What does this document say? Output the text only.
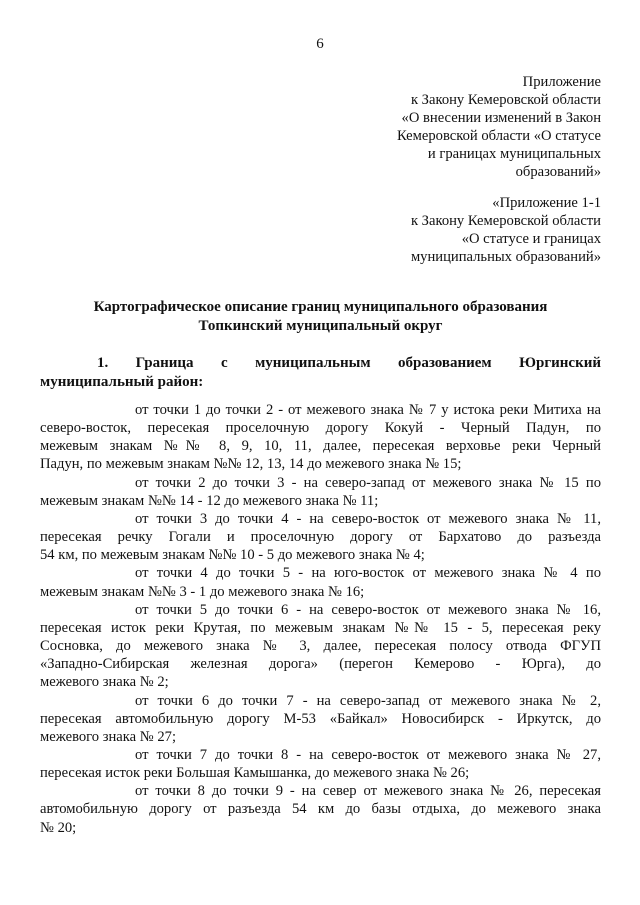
6
Приложение
к Закону Кемеровской области
«О внесении изменений в Закон
Кемеровской области «О статусе
и границах муниципальных
образований»
«Приложение 1-1
к Закону Кемеровской области
«О статусе и границах
муниципальных образований»
Картографическое описание границ муниципального образования
Топкинский муниципальный округ
1. Граница с муниципальным образованием Юргинский
муниципальный район:
от точки 1 до точки 2 - от межевого знака № 7 у истока реки Митиха на
северо-восток, пересекая проселочную дорогу Кокуй - Черный Падун, по
межевым знакам №№ 8, 9, 10, 11, далее, пересекая верховье реки Черный
Падун, по межевым знакам №№ 12, 13, 14 до межевого знака № 15;
от точки 2 до точки 3 - на северо-запад от межевого знака № 15 по
межевым знакам №№ 14 - 12 до межевого знака № 11;
от точки 3 до точки 4 - на северо-восток от межевого знака № 11,
пересекая речку Гогали и проселочную дорогу от Бархатово до разъезда
54 км, по межевым знакам №№ 10 - 5 до межевого знака № 4;
от точки 4 до точки 5 - на юго-восток от межевого знака № 4 по
межевым знакам №№ 3 - 1 до межевого знака № 16;
от точки 5 до точки 6 - на северо-восток от межевого знака № 16,
пересекая исток реки Крутая, по межевым знакам №№ 15 - 5, пересекая реку
Сосновка, до межевого знака № 3, далее, пересекая полосу отвода ФГУП
«Западно-Сибирская железная дорога» (перегон Кемерово - Юрга), до
межевого знака № 2;
от точки 6 до точки 7 - на северо-запад от межевого знака № 2,
пересекая автомобильную дорогу М-53 «Байкал» Новосибирск - Иркутск, до
межевого знака № 27;
от точки 7 до точки 8 - на северо-восток от межевого знака № 27,
пересекая исток реки Большая Камышанка, до межевого знака № 26;
от точки 8 до точки 9 - на север от межевого знака № 26, пересекая
автомобильную дорогу от разъезда 54 км до базы отдыха, до межевого знака
№ 20;
